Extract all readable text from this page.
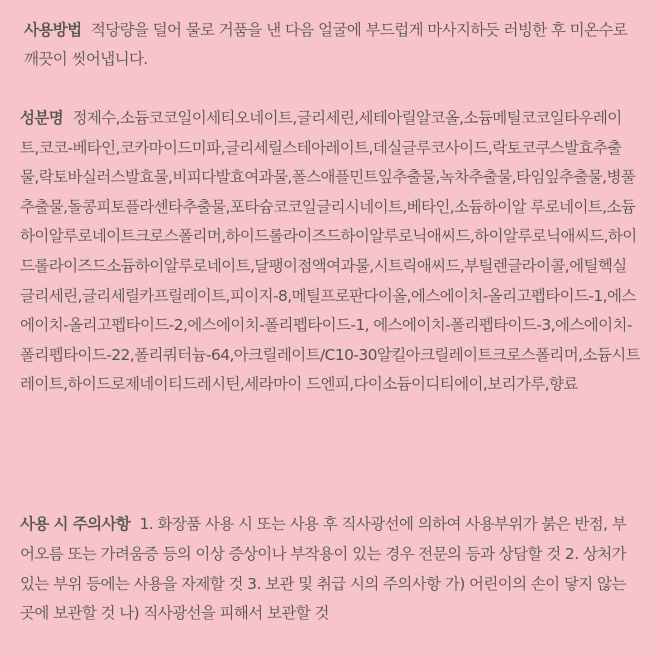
사용방법 적당량을 덜어 물로 거품을 낸 다음 얼굴에 부드럽게 마사지하듯 러빙한 후 미온수로 깨끗이 씻어냅니다.
성분명 정제수,소듐코코일이세티오네이트,글리세린,세테아릴알코올,소듐메틸코코일타우레이트,코코-베타인,코카마이드미파,글리세릴스테아레이트,데실글루코사이드,락토코쿠스발효추출물,락토바실러스발효물,비피다발효여과물,폴스애플민트잎추출물,녹차추출물,타임잎추출물,병풀추출물,돌콩피토플라센타추출물,포타슘코코일글리시네이트,베타인,소듐하이알 루로네이트,소듐하이알루로네이트크로스폴리머,하이드롤라이즈드하이알루로닉애씨드,하이알루로닉애씨드,하이드롤라이즈드소듐하이알루로네이트,달팽이점액여과물,시트릭애씨드,부틸렌글라이콜,에틸헥실글리세린,글리세릴카프릴레이트,피이지-8,메틸프로판다이올,에스에이치-올리고펩타이드-1,에스에이치-올리고펩타이드-2,에스에이치-폴리펩타이드-1, 에스에이치-폴리펩타이드-3,에스에이치-폴리펩타이드-22,폴리쿼터늄-64,아크릴레이트/C10-30알킬아크릴레이트크로스폴리머,소듐시트레이트,하이드로제네이티드레시틴,세라마이 드엔피,다이소듐이디티에이,보리가루,향료
사용 시 주의사항 1. 화장품 사용 시 또는 사용 후 직사광선에 의하여 사용부위가 붉은 반점, 부어오름 또는 가려움증 등의 이상 증상이나 부작용이 있는 경우 전문의 등과 상담할 것 2. 상처가 있는 부위 등에는 사용을 자제할 것 3. 보관 및 취급 시의 주의사항 가) 어린이의 손이 닿지 않는 곳에 보관할 것 나) 직사광선을 피해서 보관할 것
